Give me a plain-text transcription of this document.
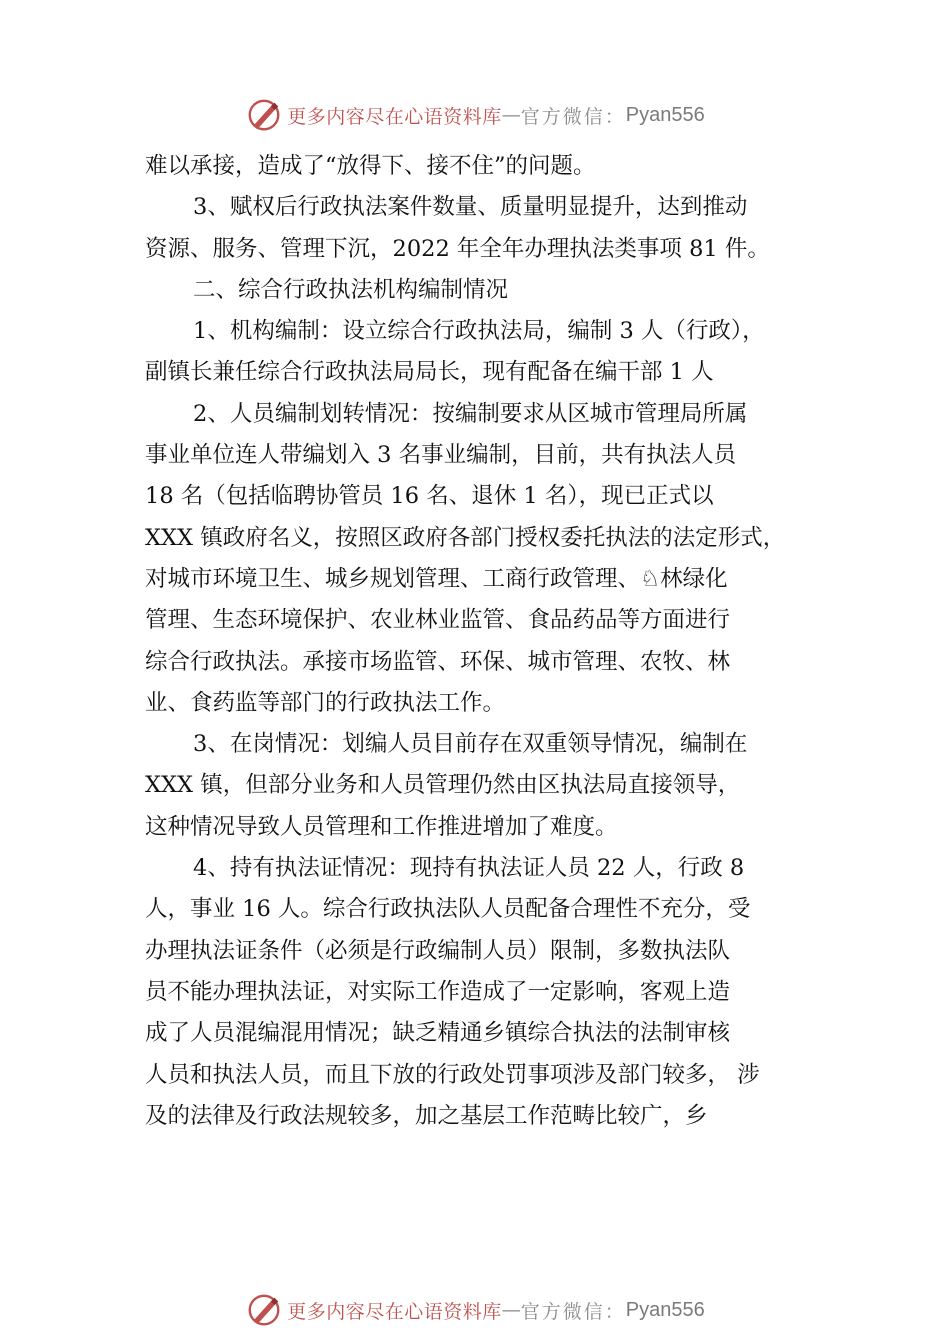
更多内容尽在心语资料库 — 官方微信： Pyan556
难以承接，造成了“放得下、接不住”的问题。
3、赋权后行政执法案件数量、质量明显提升，达到推动
资源、服务、管理下沉，2022 年全年办理执法类事项 81 件。
二、综合行政执法机构编制情况
1、机构编制：设立综合行政执法局，编制 3 人（行政），
副镇长兼任综合行政执法局局长，现有配备在编干部 1 人
2、人员编制划转情况：按编制要求从区城市管理局所属
事业单位连人带编划入 3 名事业编制，目前，共有执法人员
18 名（包括临聘协管员 16 名、退休 1 名），现已正式以
XXX 镇政府名义，按照区政府各部门授权委托执法的法定形式，
对城市环境卫生、城乡规划管理、工商行政管理、♘林绿化
管理、生态环境保护、农业林业监管、食品药品等方面进行
综合行政执法。承接市场监管、环保、城市管理、农牧、林
业、食药监等部门的行政执法工作。
3、在岗情况：划编人员目前存在双重领导情况，编制在
XXX 镇，但部分业务和人员管理仍然由区执法局直接领导，
这种情况导致人员管理和工作推进增加了难度。
4、持有执法证情况：现持有执法证人员 22 人，行政 8
人，事业 16 人。综合行政执法队人员配备合理性不充分，受
办理执法证条件（必须是行政编制人员）限制，多数执法队
员不能办理执法证，对实际工作造成了一定影响，客观上造
成了人员混编混用情况；缺乏精通乡镇综合执法的法制审核
人员和执法人员，而且下放的行政处罚事项涉及部门较多， 涉
及的法律及行政法规较多，加之基层工作范畴比较广，乡
更多内容尽在心语资料库 — 官方微信： Pyan556
